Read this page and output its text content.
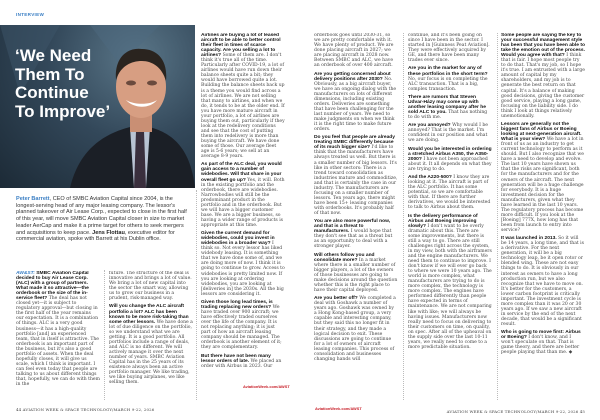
INTERVIEW
‘We Need
Them To
Continue
To Improve’
Peter Barrett, CEO of SMBC Aviation Capital since 2004, is the longest-serving head of any major leasing company. The lessor's planned takeover of Air Lease Corp., expected to close in the first half of this year, will move SMBC Aviation Capital closer in size to market leader AerCap and make it a prime target for others to seek mergers and acquisitions to keep pace. Jens Flottau, executive editor for commercial aviation, spoke with Barrett at his Dublin office.

AW&ST: SMBC Aviation Capital decided to buy Air Lease Corp. (ALC) with a group of partners. What made it so attractive—the orderbook or the size of the in-service fleet? The deal has not closed yet—it is subject to regulatory approval—but closing in the first half of the year remains our expectation. It is a combination of things. ALC is a very good business—it has a high-quality portfolio [and] an experienced team, that in itself is attractive. The orderbook is an important part of the business, but it's also a good portfolio of assets. When the deal hopefully closes, it will give us scale, which I think is important. I can feel even today that people are talking to us about different things that, hopefully, we can do with them in the

future. The structure of the deal is innovative and brings a lot of value. We bring a lot of new capital into the sector the smart way, allowing us to grow our business in a prudent, risk-managed way.

Will you change the ALC aircraft portfolio a lot? ALC has been known to be more risk-taking than some other lessors. We have done a lot of due diligence on the portfolio, so we understand what we are getting. It is a good portfolio. All portfolios include a range of deals, and ALC is no different. We will actively manage it over the next number of years. SMBC Aviation Capital has in the 25 years of its existence always been an active portfolio manager. We like trading, we like buying airplanes, we like selling them.

Airlines are buying a lot of leased aircraft to be able to better control their fleet in times of scarce capacity. Are you selling a lot to airlines? Some of them are. I don't think it's true all of the time. Particularly after COVID-19, a lot of airlines would have run down their balance sheets quite a bit; they would have borrowed quite a lot. Building the balance sheets back up is a theme you would find across a lot of airlines. We are not selling that many to airlines, and when we do, it tends to be at the older end. If you have more mature aircraft in your portfolio, a lot of airlines are buying them out, particularly if they look at the redelivery conditions and see that the cost of putting them into redelivery is more than buying the aircraft. We have done some of those. Our average fleet age is 5-6 years; we sell at an average 8-9 years.

As part of the ALC deal, you would gain access to a number of widebodies. Will that share in your overall fleet go up? Yes, it will. Both in the existing portfolio and the orderbook, there are widebodies. Narrowbodies will still be the predominant product in the portfolio and in the orderbook. But we will have a bigger customer base. We are a bigger business, so having a wider range of products is appropriate at this time.

Given the current demand for widebodies, could you invest in widebodies in a broader way? I think so. Not every lessor has liked widebody leasing. It is something that we have done some of, and we are doing more of now. I think it is going to continue to grow. Access to widebodies is pretty limited now. If you are looking at ordering widebodies, you are looking at [deliveries in] the 2030s. All the big lessors are considering it.

Given those long lead times, is trading replacing new orders? We have traded over 900 aircraft; we have effectively traded ourselves over the life of the company. It is not replacing anything; it is just part of how an aircraft leasing company should be managed. The orderbook is another element of it; they are complementary.

But there have not been many lessor orders of late. We placed an order with Airbus in 2023. Our

orderbook goes until 2030-31, so we are pretty comfortable with it. We have plenty of product. We are done placing aircraft in 2027; we are placing aircraft in 2028 now. Between SMBC and ALC, we have an orderbook of over 400 aircraft.

Are you getting concerned about delivery positions after 2030? No. Obviously, as a big aircraft buyer, we have an ongoing dialog with the manufacturers on lots of different dimensions, including existing orders. Deliveries are something that have been challenging for the last number of years. We need to make judgments on when we think it is the right time to make future orders.

Do you feel that people are already treating SMBC differently because of its much bigger size? I'd like to think that the manufacturers have always treated us well. But there is a smaller number of big lessors. It's like in other sectors: There is a trend toward consolidation as industries mature and commoditize, and that is certainly the case in our industry. The manufacturers are focusing on a smaller number of lessors. Ten years ago, there might have been 15+ leasing companies with orderbooks. It's probably half of that now.

You are also more powerful now, and that is a threat to manufacturers. I would hope that they don't see that as a threat but as an opportunity to deal with a stronger player.

Will others follow you and consolidate more? In a market where there is a smaller number of bigger players, a lot of the owners of those businesses are going to make decisions around the question whether this is the right place to have their capital deployed.

Are you better off? We completed a deal with Goshawk a number of years ago. Goshawk was owned by a Hong Kong-based group, a very capable and interesting company, but they said this no longer fit in their strategy, and they made a logical decision to exit. These discussions are going to continue for a lot of owners of aircraft leasing companies. This process of consolidation and businesses changing hands will

continue, and it's been going on since I have been in the sector. I started in [Guinness Peat Aviation]. They were effectively acquired by GE, and there have been many trades ever since.

Are you in the market for any of these portfolios in the short term? No, our focus is on completing the ALC transaction. That is a big, complex transaction.

There are rumors that Steven Udvar-Házy may come up with another leasing company after he sold ALC to you. That has nothing to do with me.

Are you annoyed? Why would I be annoyed? That is the market. I'm confident in our position and what we are doing.

Would you be interested in ordering a stretched Airbus A350, the A350-2000? I have not been approached about it. It all depends on what they are trying to do.

And the A220-500? I know they are looking at it. The aircraft is part of the ALC portfolio. It has some potential, so we are comfortable with that. If there are further derivatives, we would be interested to talk to Airbus about them.

Is the delivery performance of Airbus and Boeing improving slowly? I don't want to be overly dramatic about this. There are some improvements, but there is still a way to go. There are still challenges right across the system, in my view, both with the airframers and the engine manufacturers. We need them to continue to improve. I don't know if we will ever go back to where we were 10 years ago. The world is more complex, what manufacturers are trying to do is more complex, the technology is more complex. The engines have performed differently than people have expected in terms of maintenance. We are not comparing like with like; we will always be having issues. Manufacturers now really need to focus on delivering to their customers on time, on quality, on spec. After all of the upheaval on the supply side over the last 10-11 years, we really need to come to a more predictable situation.

Some people are saying the key to your successful management style has been that you have been able to take the emotion out of the process. Would you agree with that? I think that is fair. I hope most people try to do that. That's my job, so I hope it's true. I am entrusted with a large amount of capital by my shareholders, and my job is to generate the best return on that capital. It's a balance of making good decisions, giving the customer good service, playing a long game, focusing on the liability side. I do think I look at things relatively unemotionally.

Lessors are generally not the biggest fans of Airbus or Boeing looking at next-generation aircraft. What is your view? We have a lot in front of us as an industry to get current technology to perform as it should. But I also recognize that we have a need to develop and evolve. The last 10 years have shown us that the risks are significant, both for the manufacturers and for the owners of the aircraft. The next generation will be a huge challenge for everybody. It is a huge investment decision for the manufacturers, given what they have learned in the last 10 years. The regulatory process has become more difficult. If you look at the [Boeing] 777X, how long has that been from launch to entry into service?

It was launched in 2013. So it will be 14 years, a long time, and that is a derivative. For the next generation, it will be a big technology leap, be it open rotor or blended wing. These are not easy things to do. It is obviously in our interest as owners to have a long production run, but we also recognize that we have to move on. It's better for the customers, a lower carbon footprint is critically important. The investment cycle is more complex than it was 20 or 30 years ago. If we saw a new aircraft in service by the end of the next decade, that would be a significant result.

Who is going to move first: Airbus or Boeing? I don't know, and I won't speculate on that. That is game theory, and there are better people playing that than me. ◆

AviationWeek.com/AWST
AviationWeek.com/AWST
44 AVIATION WEEK & SPACE TECHNOLOGY/MARCH 9-22, 2026	AVIATION WEEK & SPACE TECHNOLOGY/MARCH 9-22, 2026 45
